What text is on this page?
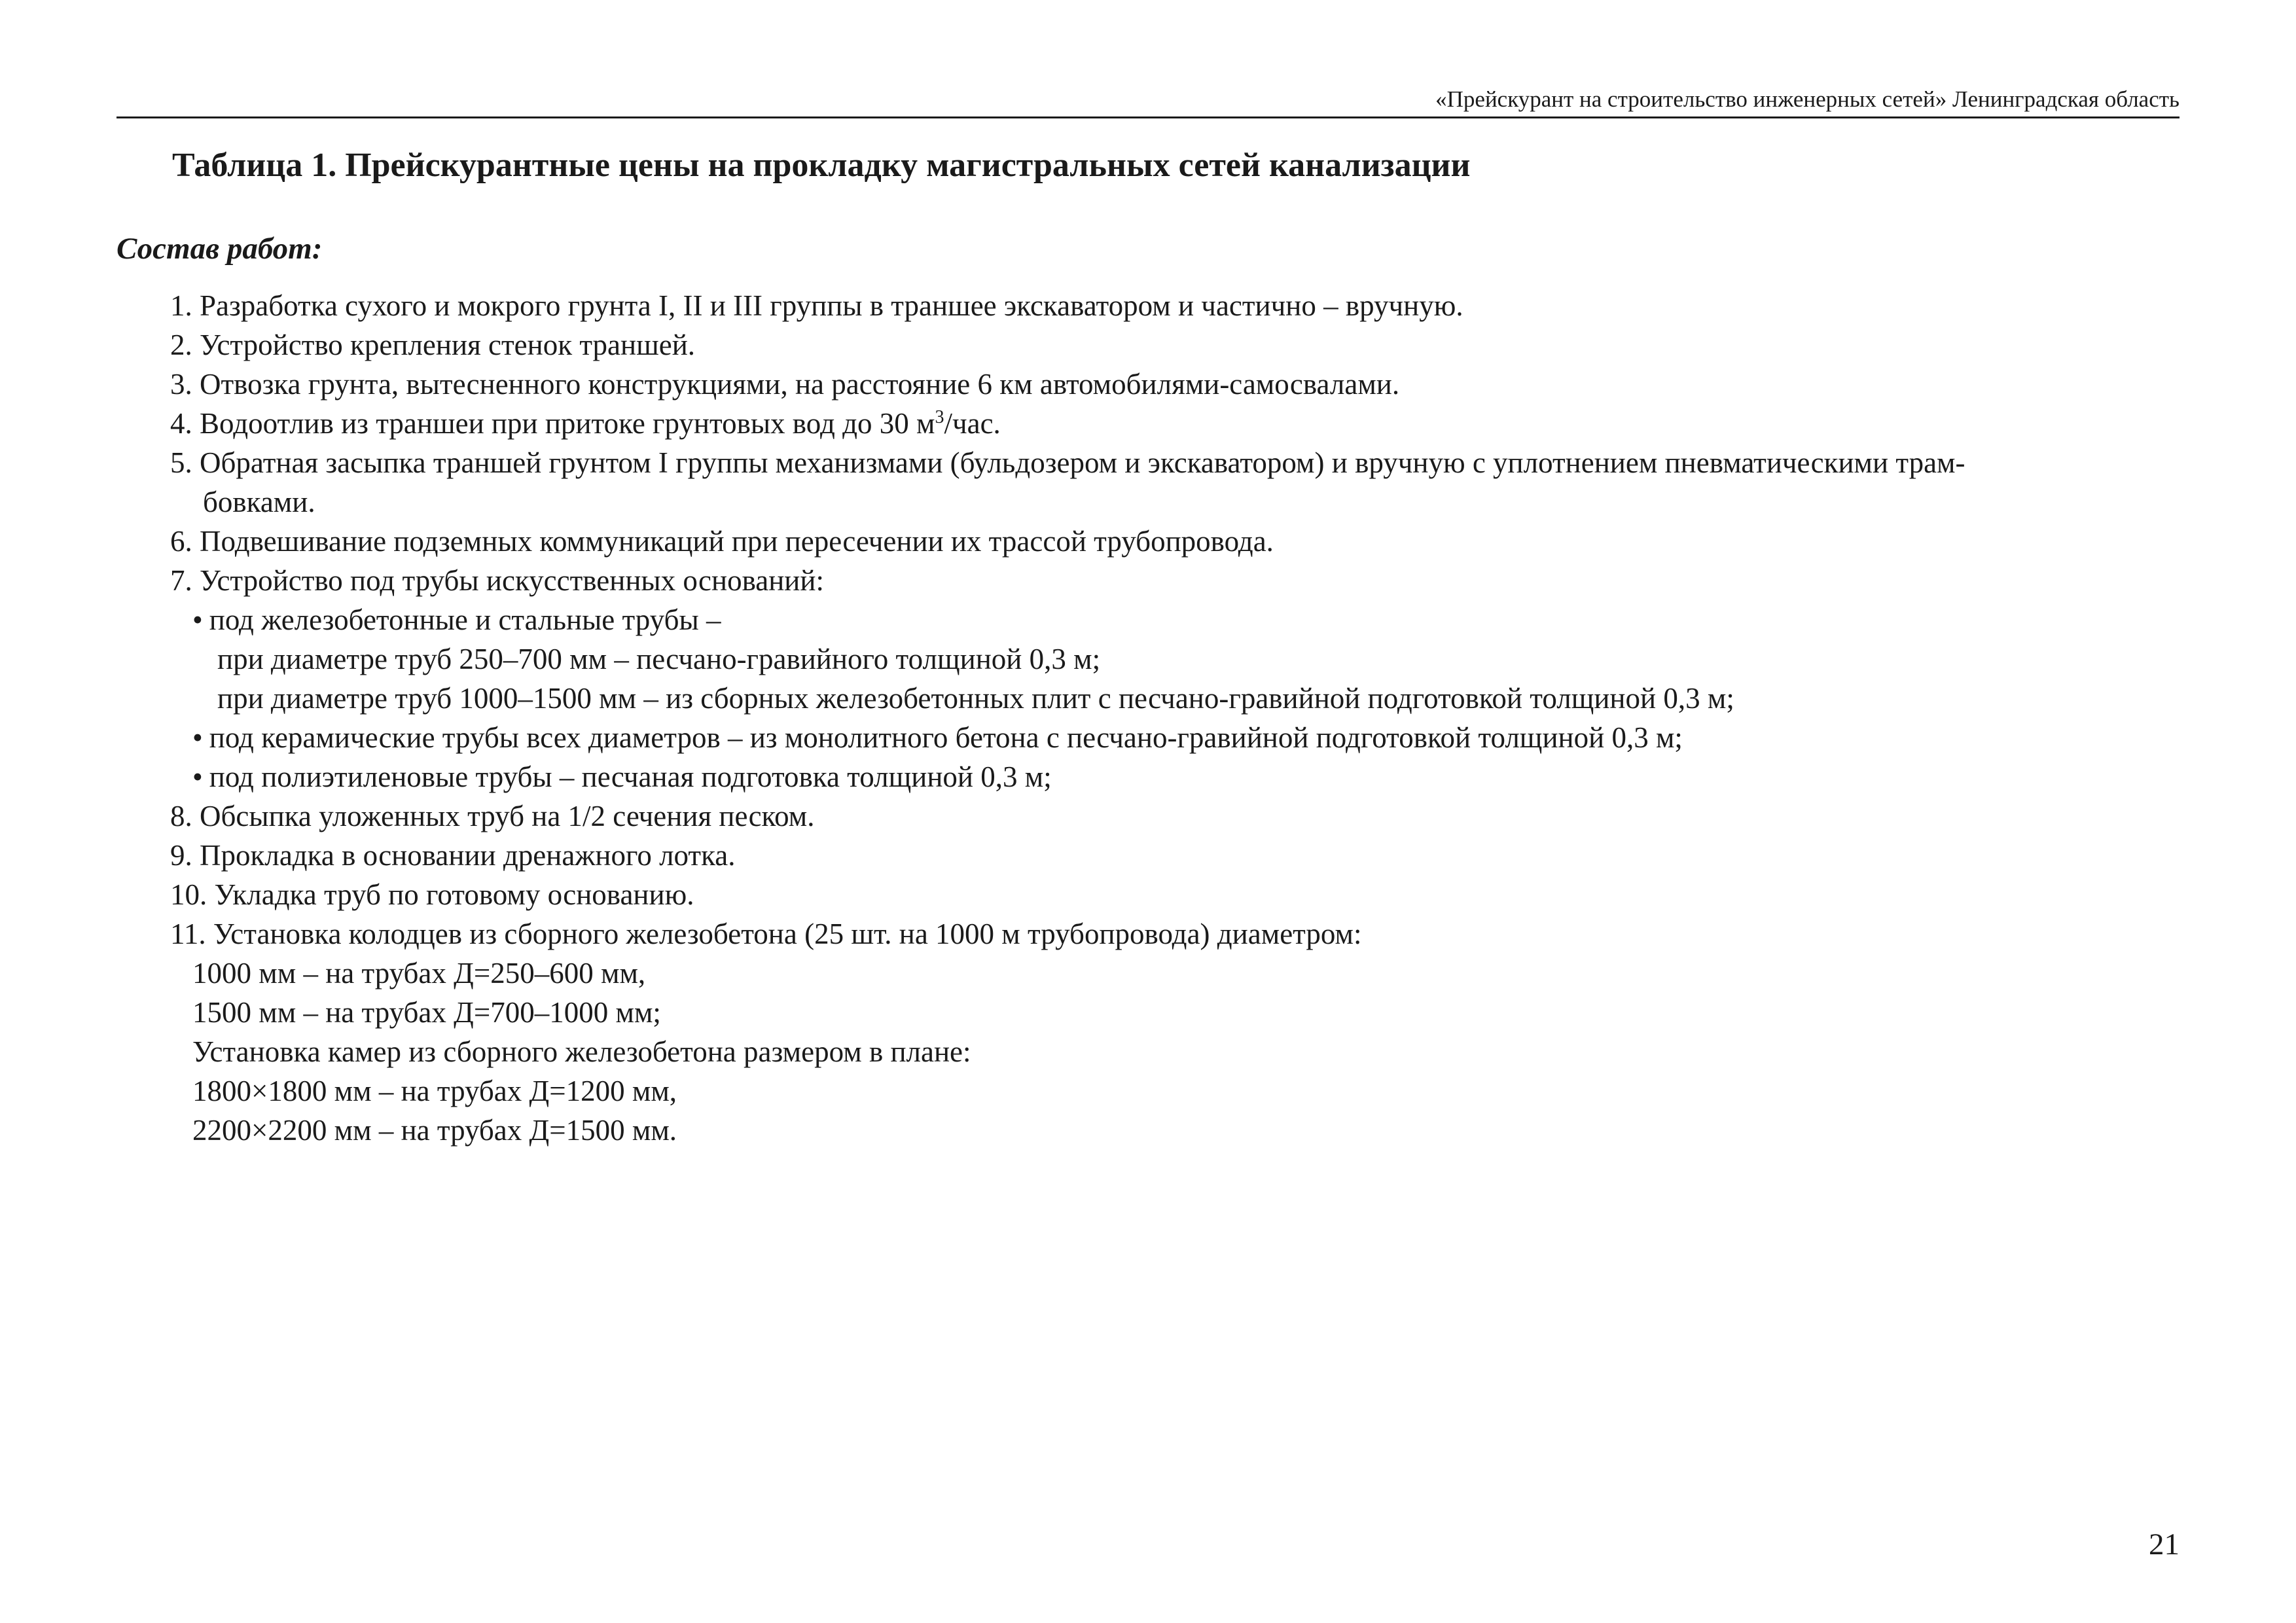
«Прейскурант на строительство инженерных сетей» Ленинградская область
Таблица 1. Прейскурантные цены на прокладку магистральных сетей канализации
Состав работ:
1. Разработка сухого и мокрого грунта I, II и III группы в траншее экскаватором и частично – вручную.
2. Устройство крепления стенок траншей.
3. Отвозка грунта, вытесненного конструкциями, на расстояние 6 км автомобилями-самосвалами.
4. Водоотлив из траншеи при притоке грунтовых вод до 30 $м^3$/час.
5. Обратная засыпка траншей грунтом I группы механизмами (бульдозером и экскаватором) и вручную с уплотнением пневматическими трам-
бовками.
6. Подвешивание подземных коммуникаций при пересечении их трассой трубопровода.
7. Устройство под трубы искусственных оснований:
• под железобетонные и стальные трубы –
при диаметре труб 250–700 мм – песчано-гравийного толщиной 0,3 м;
при диаметре труб 1000–1500 мм – из сборных железобетонных плит с песчано-гравийной подготовкой толщиной 0,3 м;
• под керамические трубы всех диаметров – из монолитного бетона с песчано-гравийной подготовкой толщиной 0,3 м;
• под полиэтиленовые трубы – песчаная подготовка толщиной 0,3 м;
8. Обсыпка уложенных труб на 1/2 сечения песком.
9. Прокладка в основании дренажного лотка.
10. Укладка труб по готовому основанию.
11. Установка колодцев из сборного железобетона (25 шт. на 1000 м трубопровода) диаметром:
1000 мм – на трубах Д=250–600 мм,
1500 мм – на трубах Д=700–1000 мм;
Установка камер из сборного железобетона размером в плане:
1800×1800 мм – на трубах Д=1200 мм,
2200×2200 мм – на трубах Д=1500 мм.
21
